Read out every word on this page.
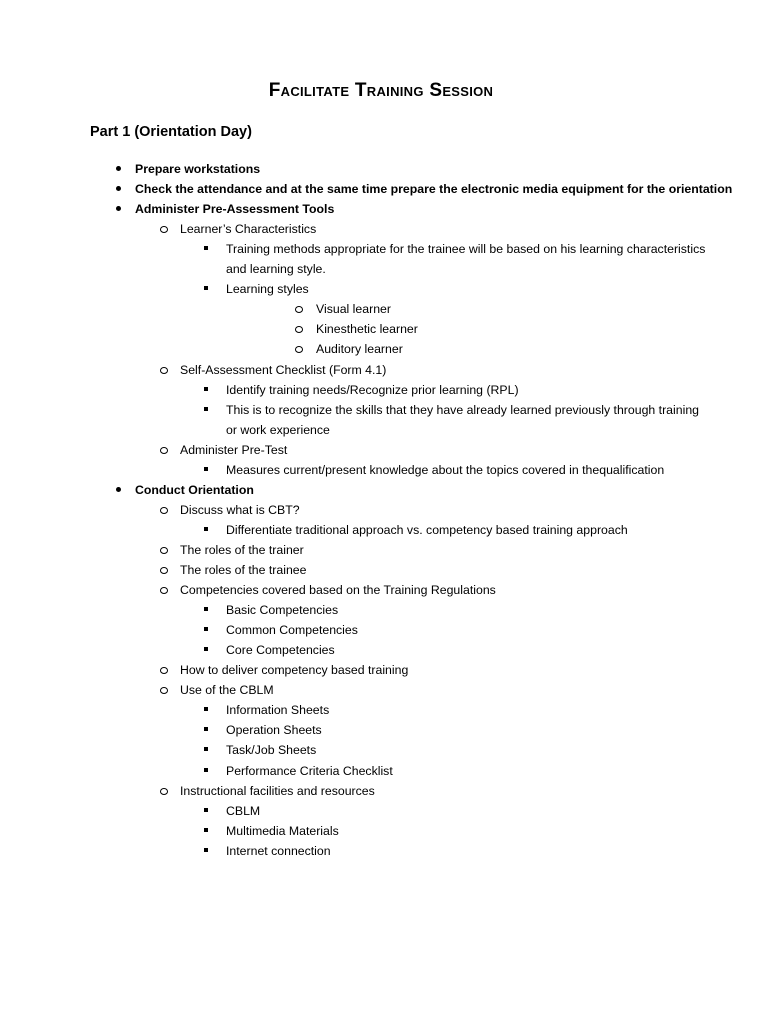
Facilitate Training Session
Part 1 (Orientation Day)
Prepare workstations
Check the attendance and at the same time prepare the electronic media equipment for the orientation
Administer Pre-Assessment Tools
Learner’s Characteristics
Training methods appropriate for the trainee will be based on his learning characteristics
and learning style.
Learning styles
Visual learner
Kinesthetic learner
Auditory learner
Self-Assessment Checklist (Form 4.1)
Identify training needs/Recognize prior learning (RPL)
This is to recognize the skills that they have already learned previously through training
or work experience
Administer Pre-Test
Measures current/present knowledge about the topics covered in thequalification
Conduct Orientation
Discuss what is CBT?
Differentiate traditional approach vs. competency based training approach
The roles of the trainer
The roles of the trainee
Competencies covered based on the Training Regulations
Basic Competencies
Common Competencies
Core Competencies
How to deliver competency based training
Use of the CBLM
Information Sheets
Operation Sheets
Task/Job Sheets
Performance Criteria Checklist
Instructional facilities and resources
CBLM
Multimedia Materials
Internet connection
